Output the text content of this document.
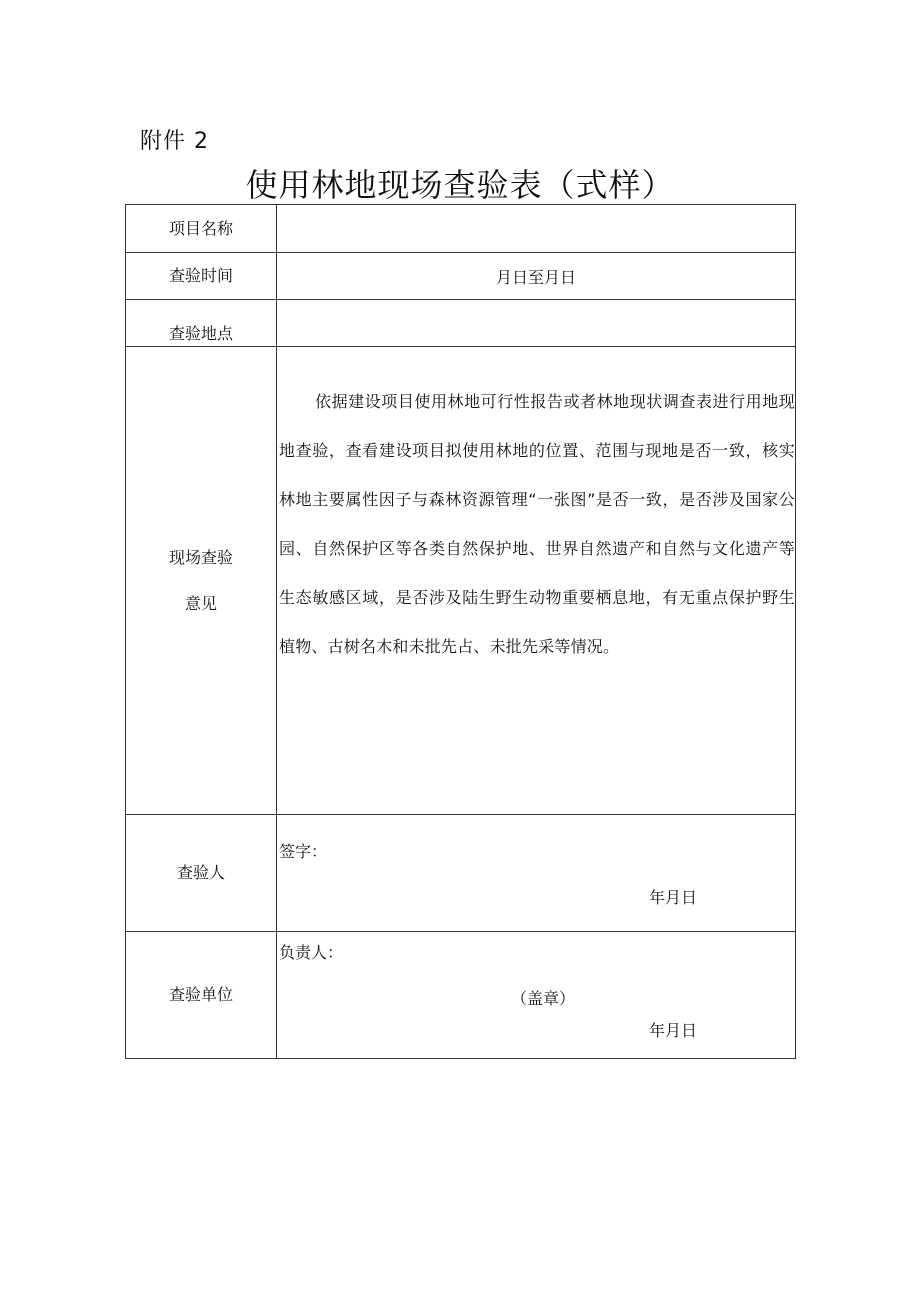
附件 2
使用林地现场查验表（式样）
项目名称	
查验时间	月日至月日

查验地点	

现场查验
意见	依据建设项目使用林地可行性报告或者林地现状调查表进行用地现地查验，查看建设项目拟使用林地的位置、范围与现地是否一致，核实林地主要属性因子与森林资源管理“一张图”是否一致，是否涉及国家公园、自然保护区等各类自然保护地、世界自然遗产和自然与文化遗产等生态敏感区域，是否涉及陆生野生动物重要栖息地，有无重点保护野生植物、古树名木和未批先占、未批先采等情况。

查验人	签字：
年月日

查验单位	负责人：
（盖章）
年月日
